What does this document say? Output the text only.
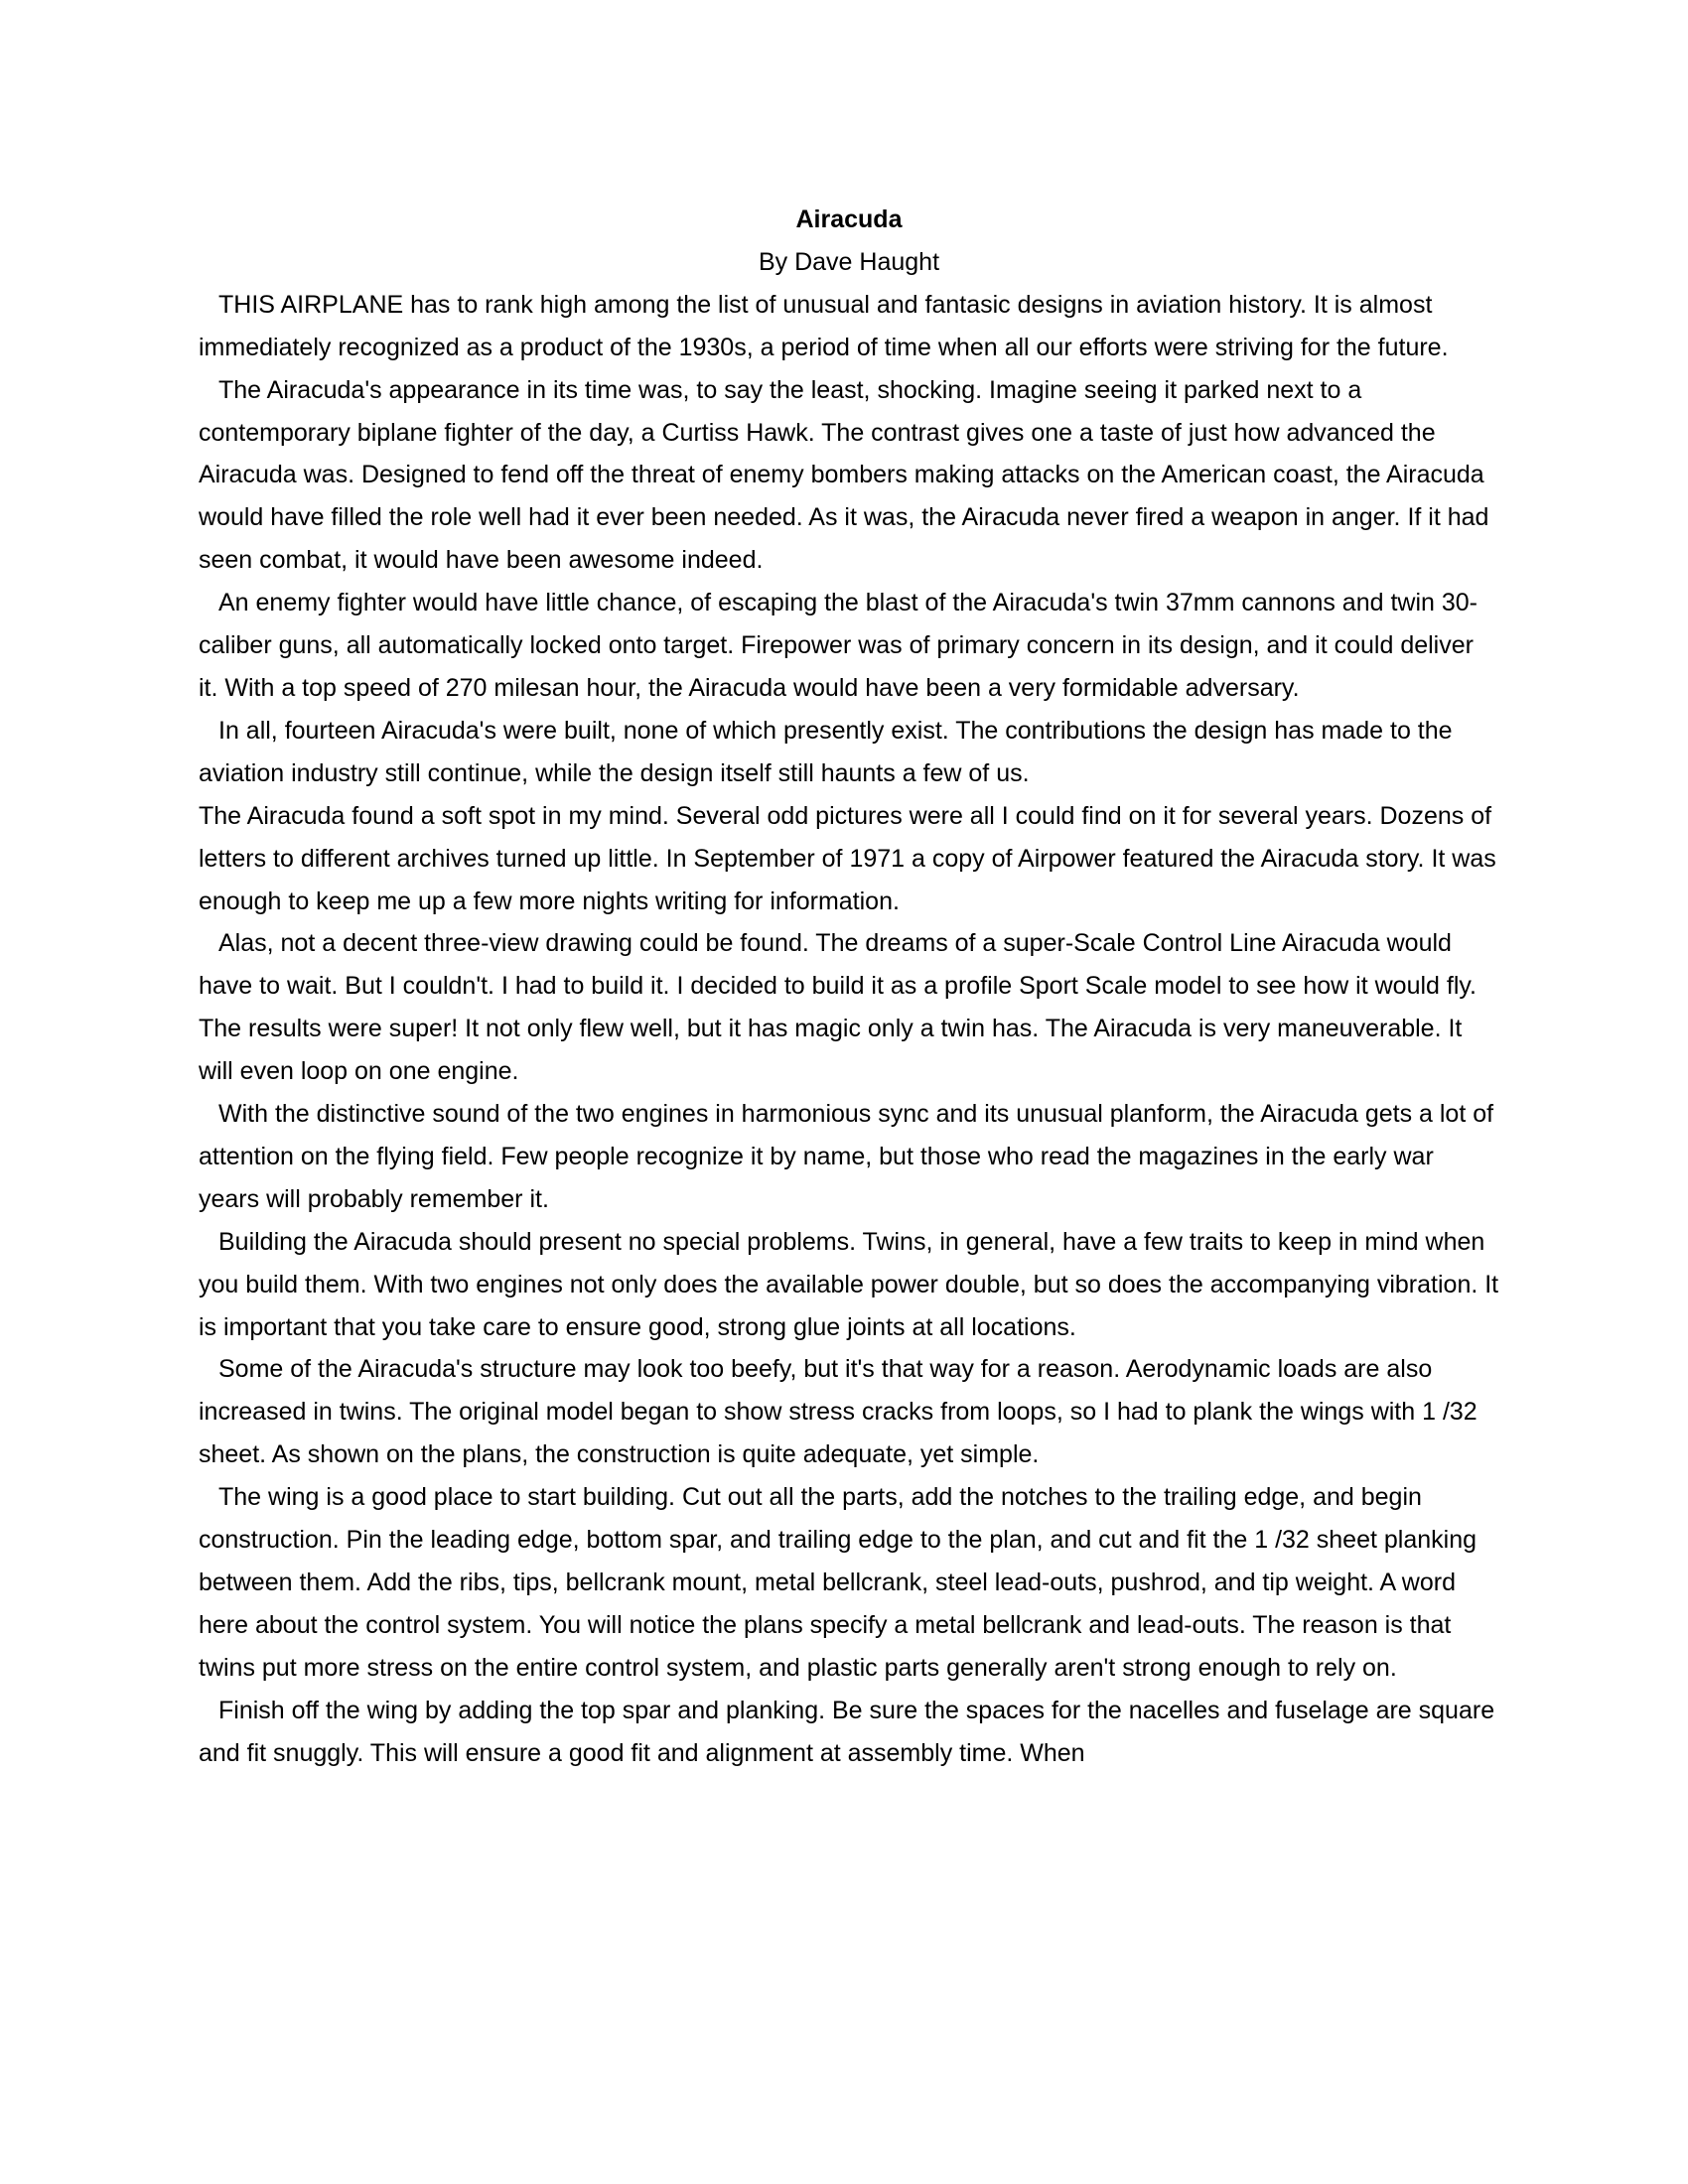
Airacuda

By Dave Haught

THIS AIRPLANE has to rank high among the list of unusual and fantasic designs in aviation history. It is almost immediately recognized as a product of the 1930s, a period of time when all our efforts were striving for the future.

The Airacuda's appearance in its time was, to say the least, shocking. Imagine seeing it parked next to a contemporary biplane fighter of the day, a Curtiss Hawk. The contrast gives one a taste of just how advanced the Airacuda was. Designed to fend off the threat of enemy bombers making attacks on the American coast, the Airacuda would have filled the role well had it ever been needed. As it was, the Airacuda never fired a weapon in anger. If it had seen combat, it would have been awesome indeed.

An enemy fighter would have little chance, of escaping the blast of the Airacuda's twin 37mm cannons and twin 30-caliber guns, all automatically locked onto target. Firepower was of primary concern in its design, and it could deliver it. With a top speed of 270 milesan hour, the Airacuda would have been a very formidable adversary.

In all, fourteen Airacuda's were built, none of which presently exist. The contributions the design has made to the aviation industry still continue, while the design itself still haunts a few of us.

The Airacuda found a soft spot in my mind. Several odd pictures were all I could find on it for several years. Dozens of letters to different archives turned up little. In September of 1971 a copy of Airpower featured the Airacuda story. It was enough to keep me up a few more nights writing for information.

Alas, not a decent three-view drawing could be found. The dreams of a super-Scale Control Line Airacuda would have to wait. But I couldn't. I had to build it. I decided to build it as a profile Sport Scale model to see how it would fly. The results were super! It not only flew well, but it has magic only a twin has. The Airacuda is very maneuverable. It will even loop on one engine.

With the distinctive sound of the two engines in harmonious sync and its unusual planform, the Airacuda gets a lot of attention on the flying field. Few people recognize it by name, but those who read the magazines in the early war years will probably remember it.

Building the Airacuda should present no special problems. Twins, in general, have a few traits to keep in mind when you build them. With two engines not only does the available power double, but so does the accompanying vibration. It is important that you take care to ensure good, strong glue joints at all locations.

Some of the Airacuda's structure may look too beefy, but it's that way for a reason. Aerodynamic loads are also increased in twins. The original model began to show stress cracks from loops, so I had to plank the wings with 1 /32 sheet. As shown on the plans, the construction is quite adequate, yet simple.

The wing is a good place to start building. Cut out all the parts, add the notches to the trailing edge, and begin construction. Pin the leading edge, bottom spar, and trailing edge to the plan, and cut and fit the 1 /32 sheet planking between them. Add the ribs, tips, bellcrank mount, metal bellcrank, steel lead-outs, pushrod, and tip weight. A word here about the control system. You will notice the plans specify a metal bellcrank and lead-outs. The reason is that twins put more stress on the entire control system, and plastic parts generally aren't strong enough to rely on.

Finish off the wing by adding the top spar and planking. Be sure the spaces for the nacelles and fuselage are square and fit snuggly. This will ensure a good fit and alignment at assembly time. When
